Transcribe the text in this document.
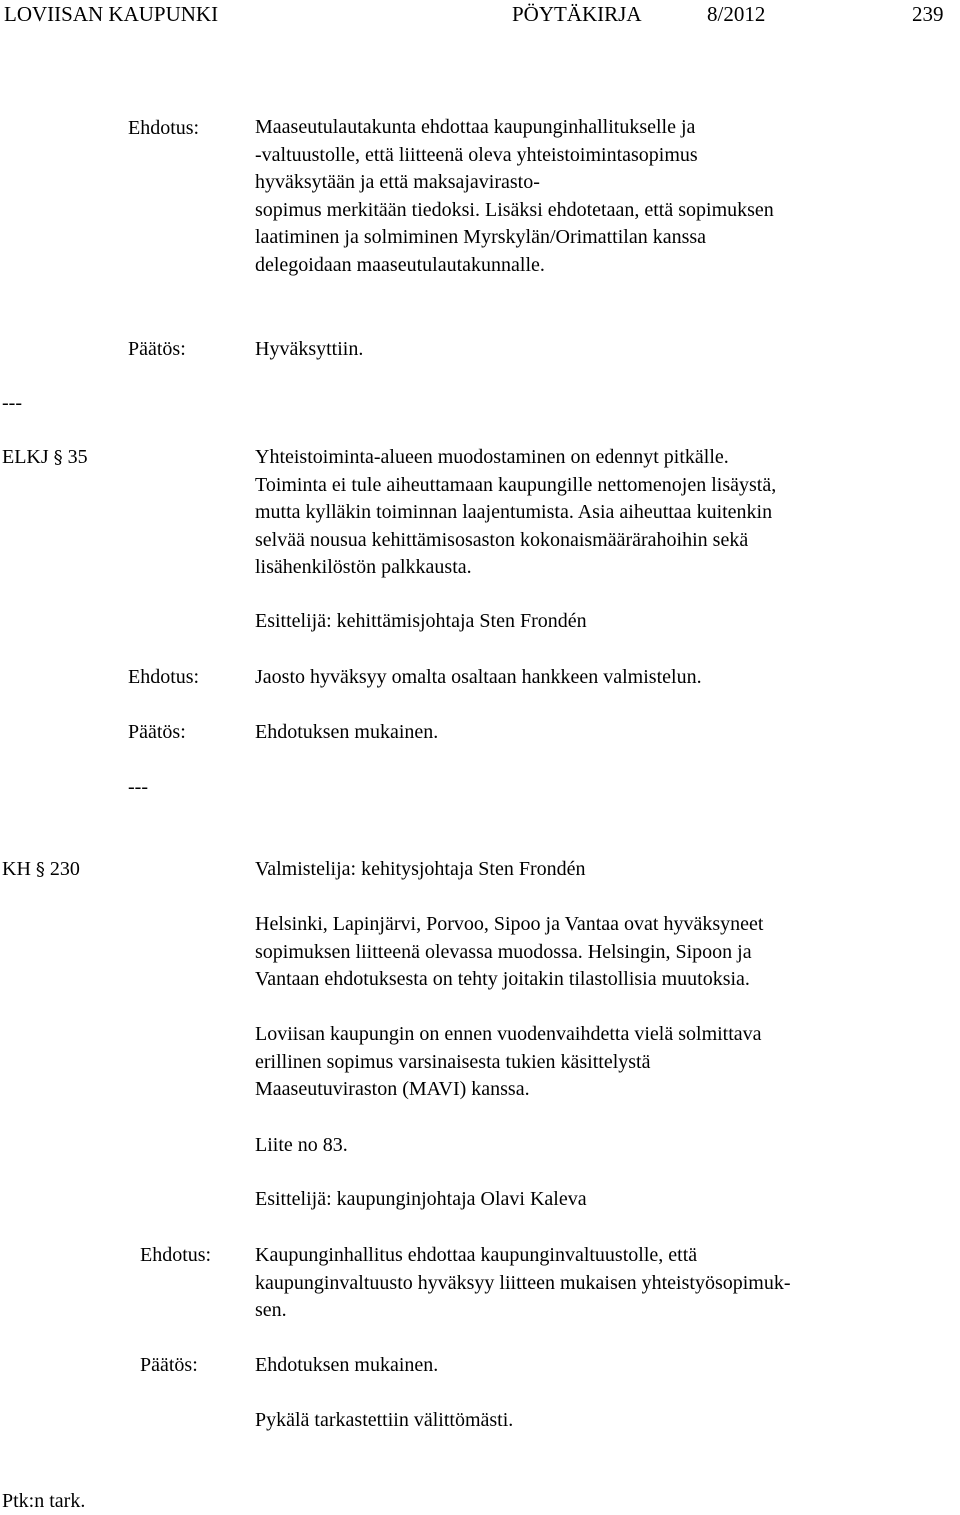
LOVIISAN KAUPUNKI	PÖYTÄKIRJA	8/2012	239
Ehdotus:	Maaseutulautakunta ehdottaa kaupunginhallitukselle ja
-valtuustolle, että liitteenä oleva yhteistoimintasopimus
hyväksytään ja että maksajavirasto-
sopimus merkitään tiedoksi. Lisäksi ehdotetaan, että sopimuksen
laatiminen ja solmiminen Myrskylän/Orimattilan kanssa
delegoidaan maaseutulautakunnalle.
Päätös:	Hyväksyttiin.
---
ELKJ § 35	Yhteistoiminta-alueen muodostaminen on edennyt pitkälle.
Toiminta ei tule aiheuttamaan kaupungille nettomenojen lisäystä,
mutta kylläkin toiminnan laajentumista. Asia aiheuttaa kuitenkin
selvää nousua kehittämisosaston kokonaismäärärahoihin sekä
lisähenkilöstön palkkausta.
Esittelijä: kehittämisjohtaja Sten Frondén
Ehdotus:	Jaosto hyväksyy omalta osaltaan hankkeen valmistelun.
Päätös:	Ehdotuksen mukainen.
---
KH § 230	Valmistelija: kehitysjohtaja Sten Frondén
Helsinki, Lapinjärvi, Porvoo, Sipoo ja Vantaa ovat hyväksyneet
sopimuksen liitteenä olevassa muodossa. Helsingin, Sipoon ja
Vantaan ehdotuksesta on tehty joitakin tilastollisia muutoksia.
Loviisan kaupungin on ennen vuodenvaihdetta vielä solmittava
erillinen sopimus varsinaisesta tukien käsittelystä
Maaseutuviraston (MAVI) kanssa.
Liite no 83.
Esittelijä: kaupunginjohtaja Olavi Kaleva
Ehdotus: Kaupunginhallitus ehdottaa kaupunginvaltuustolle, että
kaupunginvaltuusto hyväksyy liitteen mukaisen yhteistyösopimuk-
sen.
Päätös:	Ehdotuksen mukainen.
Pykälä tarkastettiin välittömästi.
Ptk:n tark.
